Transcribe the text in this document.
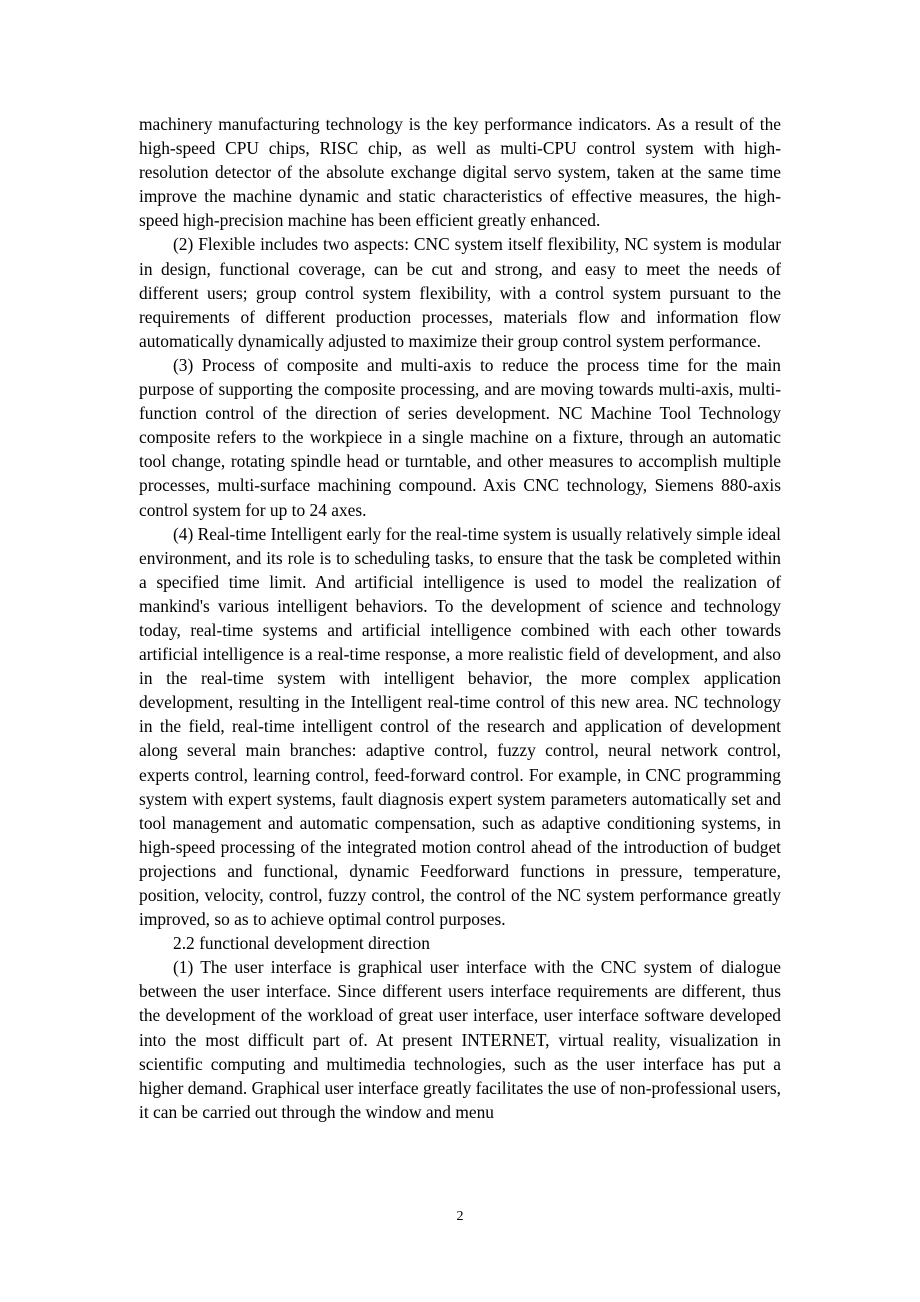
machinery manufacturing technology is the key performance indicators. As a result of the high-speed CPU chips, RISC chip, as well as multi-CPU control system with high-resolution detector of the absolute exchange digital servo system, taken at the same time improve the machine dynamic and static characteristics of effective measures, the high-speed high-precision machine has been efficient greatly enhanced.

(2) Flexible includes two aspects: CNC system itself flexibility, NC system is modular in design, functional coverage, can be cut and strong, and easy to meet the needs of different users; group control system flexibility, with a control system pursuant to the requirements of different production processes, materials flow and information flow automatically dynamically adjusted to maximize their group control system performance.

(3) Process of composite and multi-axis to reduce the process time for the main purpose of supporting the composite processing, and are moving towards multi-axis, multi-function control of the direction of series development. NC Machine Tool Technology composite refers to the workpiece in a single machine on a fixture, through an automatic tool change, rotating spindle head or turntable, and other measures to accomplish multiple processes, multi-surface machining compound. Axis CNC technology, Siemens 880-axis control system for up to 24 axes.

(4) Real-time Intelligent early for the real-time system is usually relatively simple ideal environment, and its role is to scheduling tasks, to ensure that the task be completed within a specified time limit. And artificial intelligence is used to model the realization of mankind's various intelligent behaviors. To the development of science and technology today, real-time systems and artificial intelligence combined with each other towards artificial intelligence is a real-time response, a more realistic field of development, and also in the real-time system with intelligent behavior, the more complex application development, resulting in the Intelligent real-time control of this new area. NC technology in the field, real-time intelligent control of the research and application of development along several main branches: adaptive control, fuzzy control, neural network control, experts control, learning control, feed-forward control. For example, in CNC programming system with expert systems, fault diagnosis expert system parameters automatically set and tool management and automatic compensation, such as adaptive conditioning systems, in high-speed processing of the integrated motion control ahead of the introduction of budget projections and functional, dynamic Feedforward functions in pressure, temperature, position, velocity, control, fuzzy control, the control of the NC system performance greatly improved, so as to achieve optimal control purposes.

2.2 functional development direction

(1) The user interface is graphical user interface with the CNC system of dialogue between the user interface. Since different users interface requirements are different, thus the development of the workload of great user interface, user interface software developed into the most difficult part of. At present INTERNET, virtual reality, visualization in scientific computing and multimedia technologies, such as the user interface has put a higher demand. Graphical user interface greatly facilitates the use of non-professional users, it can be carried out through the window and menu

2
